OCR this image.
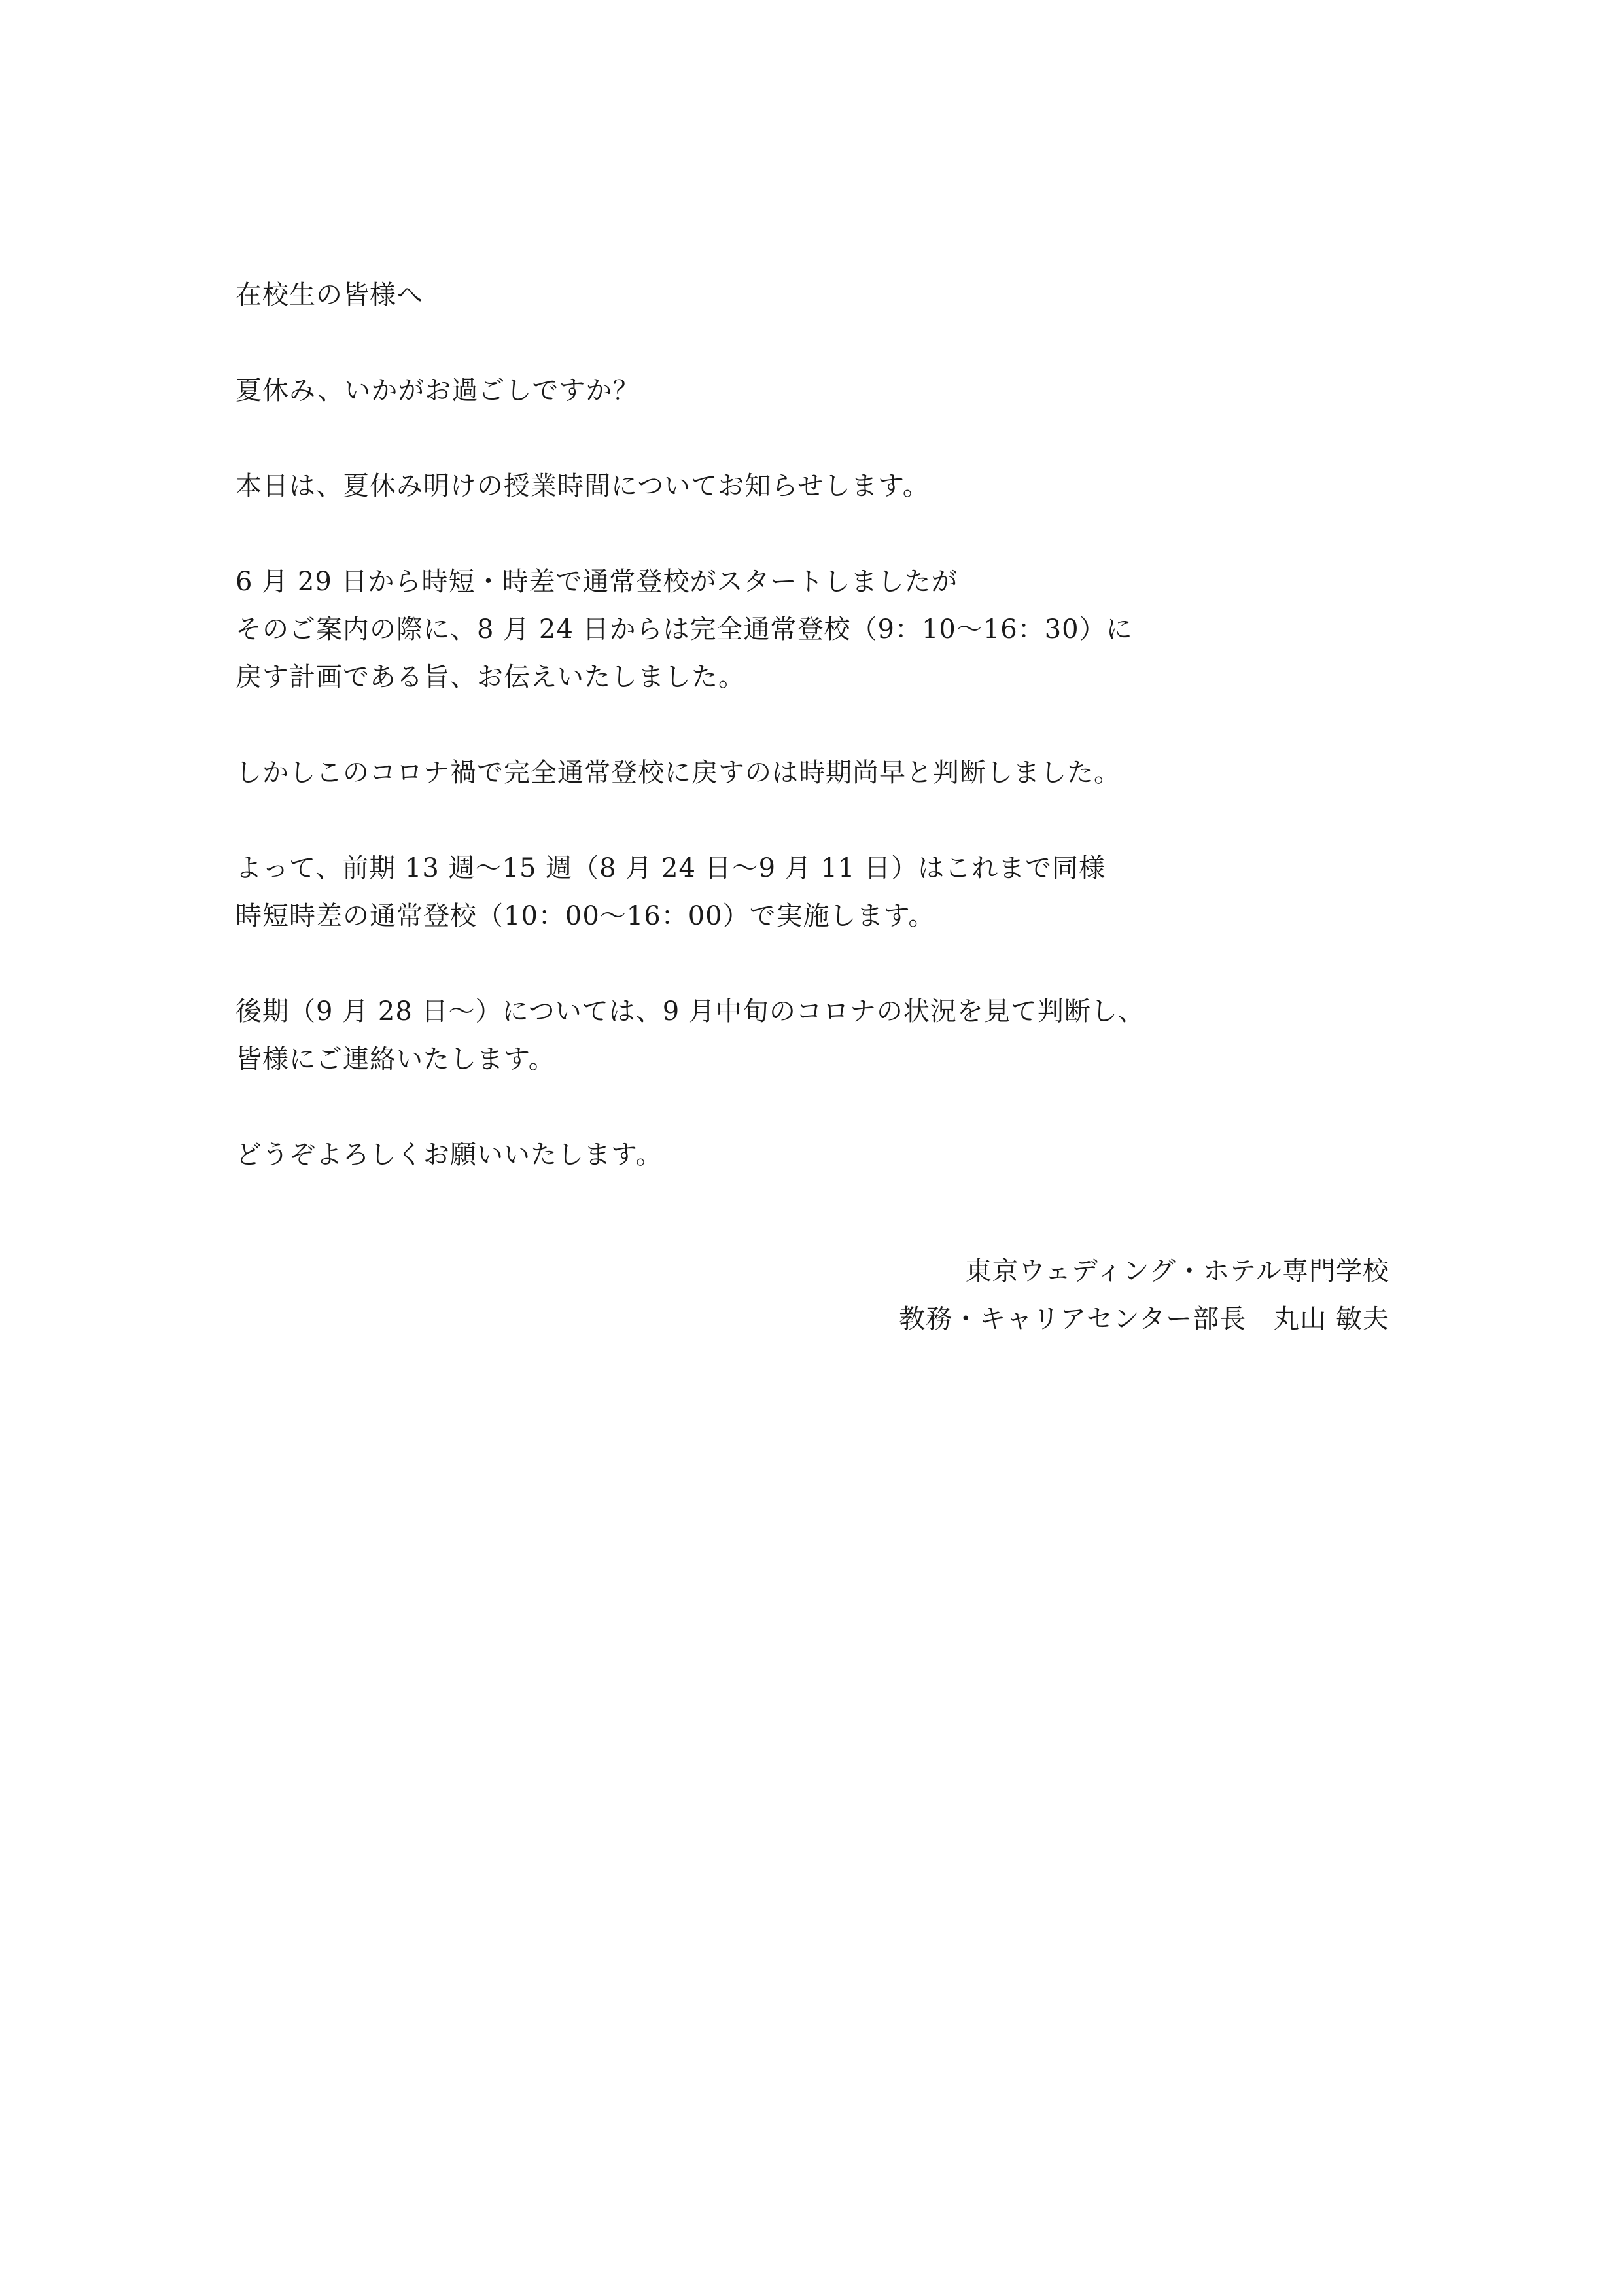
在校生の皆様へ

夏休み、いかがお過ごしですか？

本日は、夏休み明けの授業時間についてお知らせします。

6 月 29 日から時短・時差で通常登校がスタートしましたが
そのご案内の際に、8 月 24 日からは完全通常登校（9：10〜16：30）に
戻す計画である旨、お伝えいたしました。

しかしこのコロナ禍で完全通常登校に戻すのは時期尚早と判断しました。

よって、前期 13 週〜15 週（8 月 24 日〜9 月 11 日）はこれまで同様
時短時差の通常登校（10：00〜16：00）で実施します。

後期（9 月 28 日〜）については、9 月中旬のコロナの状況を見て判断し、
皆様にご連絡いたします。

どうぞよろしくお願いいたします。

東京ウェディング・ホテル専門学校
教務・キャリアセンター部長　丸山 敏夫
